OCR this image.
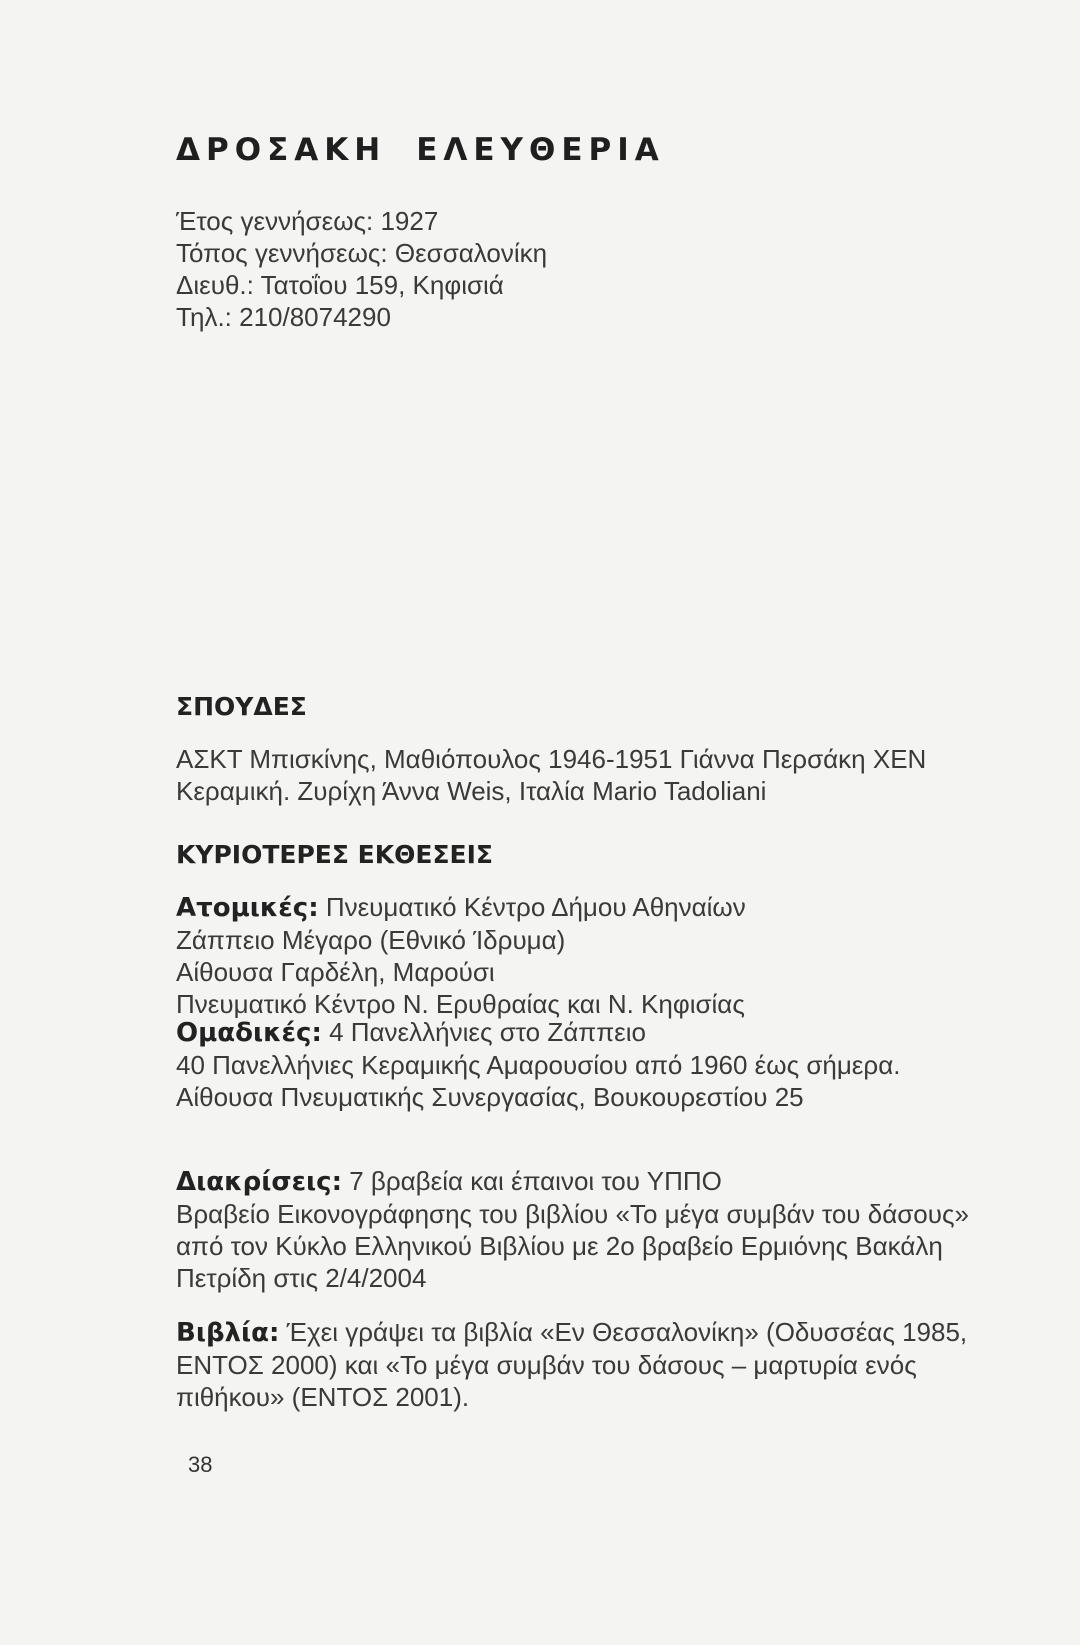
ΔΡΟΣΑΚΗ ΕΛΕΥΘΕΡΙΑ
Έτος γεννήσεως: 1927
Τόπος γεννήσεως: Θεσσαλονίκη
Διευθ.: Τατοΐου 159, Κηφισιά
Τηλ.: 210/8074290
ΣΠΟΥΔΕΣ
ΑΣΚΤ Μπισκίνης, Μαθιόπουλος 1946-1951 Γιάννα Περσάκη ΧΕΝ
Κεραμική. Ζυρίχη Άννα Weis, Ιταλία Mario Tadoliani
ΚΥΡΙΟΤΕΡΕΣ ΕΚΘΕΣΕΙΣ
Ατομικές: Πνευματικό Κέντρο Δήμου Αθηναίων
Ζάππειο Μέγαρο (Εθνικό Ίδρυμα)
Αίθουσα Γαρδέλη, Μαρούσι
Πνευματικό Κέντρο Ν. Ερυθραίας και Ν. Κηφισίας
Ομαδικές: 4 Πανελλήνιες στο Ζάππειο
40 Πανελλήνιες Κεραμικής Αμαρουσίου από 1960 έως σήμερα.
Αίθουσα Πνευματικής Συνεργασίας, Βουκουρεστίου 25
Διακρίσεις: 7 βραβεία και έπαινοι του ΥΠΠΟ
Βραβείο Εικονογράφησης του βιβλίου «Το μέγα συμβάν του δάσους»
από τον Κύκλο Ελληνικού Βιβλίου με 2ο βραβείο Ερμιόνης Βακάλη
Πετρίδη στις 2/4/2004
Βιβλία: Έχει γράψει τα βιβλία «Εν Θεσσαλονίκη» (Οδυσσέας 1985,
ΕΝΤΟΣ 2000) και «Το μέγα συμβάν του δάσους – μαρτυρία ενός
πιθήκου» (ΕΝΤΟΣ 2001).
38
